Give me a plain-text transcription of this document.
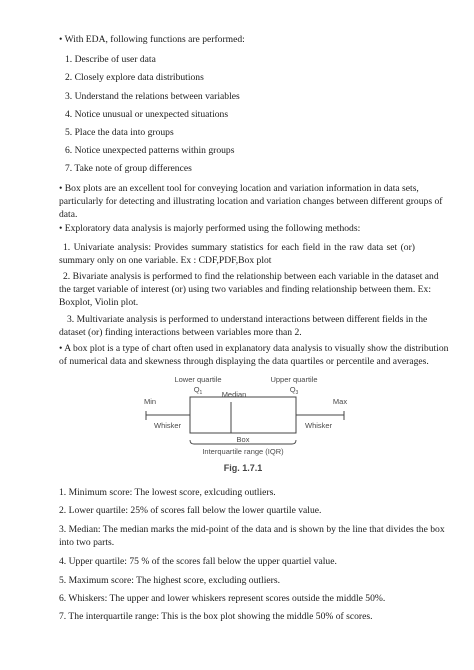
• With EDA, following functions are performed:
1. Describe of user data
2. Closely explore data distributions
3. Understand the relations between variables
4. Notice unusual or unexpected situations
5. Place the data into groups
6. Notice unexpected patterns within groups
7. Take note of group differences
• Box plots are an excellent tool for conveying location and variation information in data sets,
particularly for detecting and illustrating location and variation changes between different groups of
data.
• Exploratory data analysis is majorly performed using the following methods:
1. Univariate analysis: Provides summary statistics for each field in the raw data set (or)
summary only on one variable. Ex : CDF,PDF,Box plot
2. Bivariate analysis is performed to find the relationship between each variable in the dataset and
the target variable of interest (or) using two variables and finding relationship between them. Ex:
Boxplot, Violin plot.
3. Multivariate analysis is performed to understand interactions between different fields in the
dataset (or) finding interactions between variables more than 2.
• A box plot is a type of chart often used in explanatory data analysis to visually show the distribution
of numerical data and skewness through displaying the data quartiles or percentile and averages.
Lower quartile
$Q_1$
Upper quartile
$Q_3$
Median
Min	Max
Whisker	Whisker
Box
Interquartile range (IQR)
Fig. 1.7.1
1. Minimum score: The lowest score, exlcuding outliers.
2. Lower quartile: 25% of scores fall below the lower quartile value.
3. Median: The median marks the mid-point of the data and is shown by the line that divides the box
into two parts.
4. Upper quartile: 75 % of the scores fall below the upper quartiel value.
5. Maximum score: The highest score, excluding outliers.
6. Whiskers: The upper and lower whiskers represent scores outside the middle 50%.
7. The interquartile range: This is the box plot showing the middle 50% of scores.
